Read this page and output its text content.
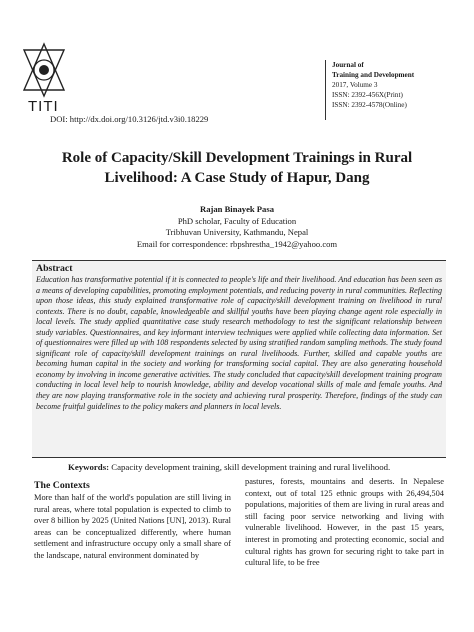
TITI
DOI: http://dx.doi.org/10.3126/jtd.v3i0.18229
Journal of
Training and Development
2017, Volume 3
ISSN: 2392-456X(Print)
ISSN: 2392-4578(Online)
Role of Capacity/Skill Development Trainings in Rural
Livelihood: A Case Study of Hapur, Dang
Rajan Binayek Pasa
PhD scholar, Faculty of Education
Tribhuvan University, Kathmandu, Nepal
Email for correspondence: rbpshrestha_1942@yahoo.com
Abstract

Education has transformative potential if it is connected to people's life and their livelihood. And education has been seen as a means of developing capabilities, promoting employment potentials, and reducing poverty in rural communities. Reflecting upon those ideas, this study explained transformative role of capacity/skill development training on livelihood in rural contexts. There is no doubt, capable, knowledgeable and skillful youths have been playing change agent role especially in local levels. The study applied quantitative case study research methodology to test the significant relationship between study variables. Questionnaires, and key informant interview techniques were applied while collecting data information. Set of questionnaires were filled up with 108 respondents selected by using stratified random sampling methods. The study found significant role of capacity/skill development trainings on rural livelihoods. Further, skilled and capable youths are becoming human capital in the society and working for transforming social capital. They are also generating household economy by involving in income generative activities. The study concluded that capacity/skill development training program conducting in local level help to nourish knowledge, ability and develop vocational skills of male and female youths. And they are now playing transformative role in the society and achieving rural prosperity. Therefore, findings of the study can become fruitful guidelines to the policy makers and planners in local levels.

Keywords: Capacity development training, skill development training and rural livelihood.
The Contexts

More than half of the world's population are still living in rural areas, where total population is expected to climb to over 8 billion by 2025 (United Nations [UN], 2013). Rural areas can be conceptualized differently, where human settlement and infrastructure occupy only a small share of the landscape, natural environment dominated by

pastures, forests, mountains and deserts. In Nepalese context, out of total 125 ethnic groups with 26,494,504 populations, majorities of them are living in rural areas and still facing poor service networking and living with vulnerable livelihood. However, in the past 15 years, interest in promoting and protecting economic, social and cultural rights has grown for securing right to take part in cultural life, to be free
